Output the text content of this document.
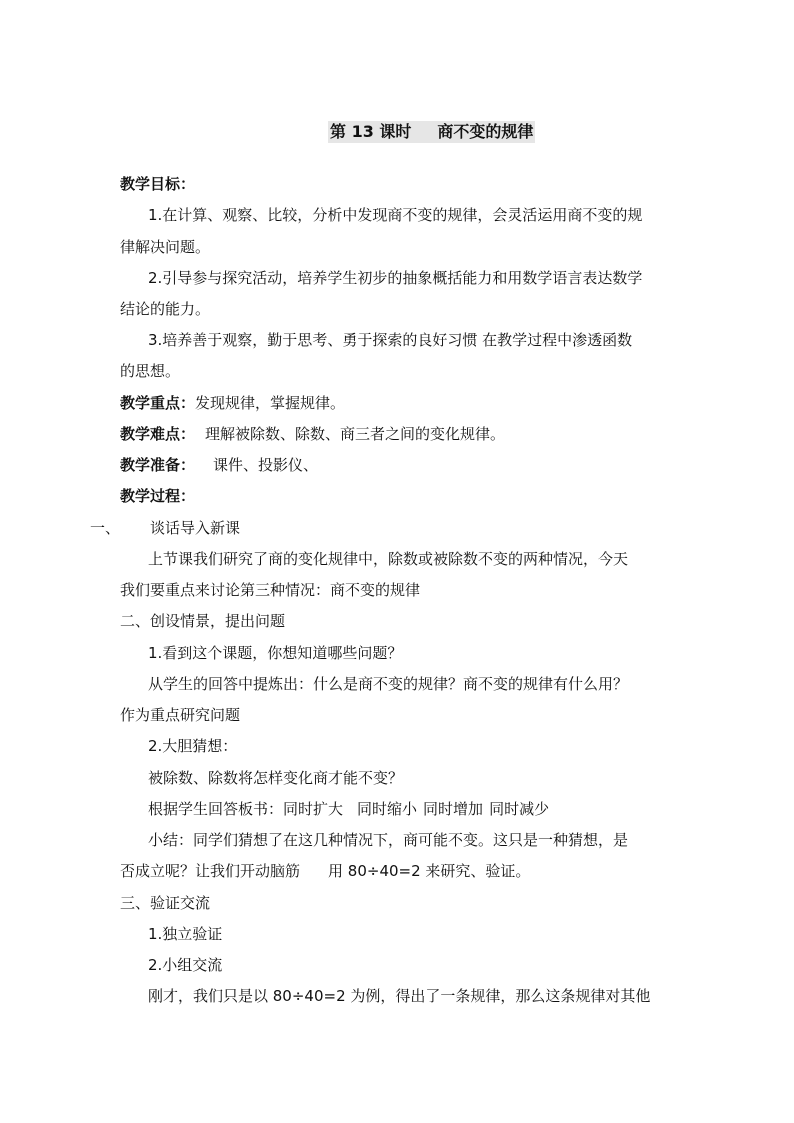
第 13 课时 商不变的规律
教学目标：
1.在计算、观察、比较，分析中发现商不变的规律，会灵活运用商不变的规
律解决问题。
2.引导参与探究活动，培养学生初步的抽象概括能力和用数学语言表达数学
结论的能力。
3.培养善于观察，勤于思考、勇于探索的良好习惯 在教学过程中渗透函数
的思想。
教学重点：发现规律，掌握规律。
教学难点： 理解被除数、除数、商三者之间的变化规律。
教学准备： 课件、投影仪、
教学过程：
一、 谈话导入新课
上节课我们研究了商的变化规律中，除数或被除数不变的两种情况，今天
我们要重点来讨论第三种情况：商不变的规律
二、创设情景，提出问题
1.看到这个课题，你想知道哪些问题？
从学生的回答中提炼出：什么是商不变的规律？商不变的规律有什么用？
作为重点研究问题
2.大胆猜想：
被除数、除数将怎样变化商才能不变？
根据学生回答板书：同时扩大 同时缩小 同时增加 同时减少
小结：同学们猜想了在这几种情况下，商可能不变。这只是一种猜想，是
否成立呢？让我们开动脑筋 用 80÷40=2 来研究、验证。
三、验证交流
1.独立验证
2.小组交流
刚才，我们只是以 80÷40=2 为例，得出了一条规律，那么这条规律对其他
